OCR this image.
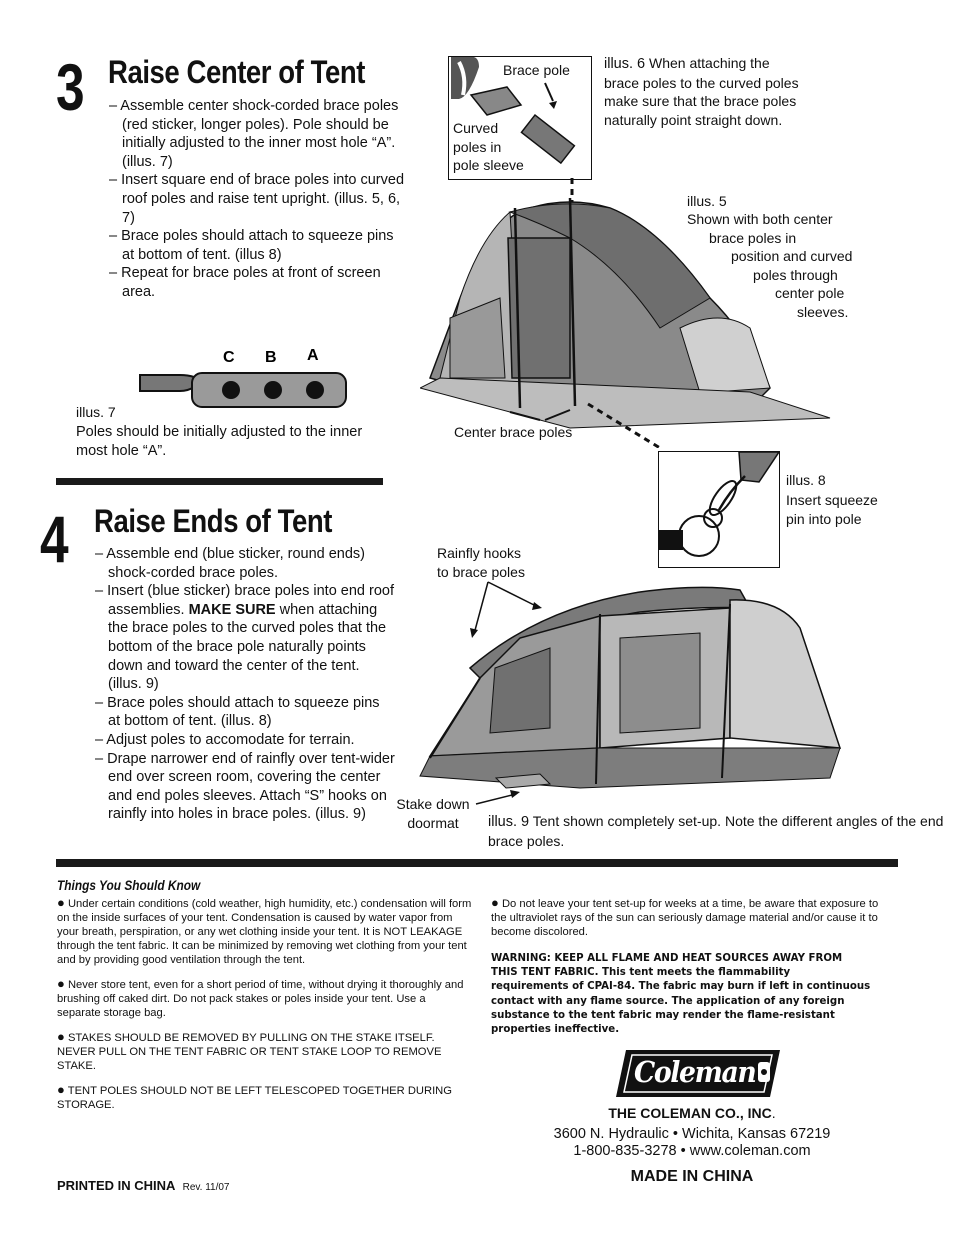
3 Raise Center of Tent
– Assemble center shock-corded brace poles (red sticker, longer poles). Pole should be initially adjusted to the inner most hole “A”. (illus. 7)
– Insert square end of brace poles into curved roof poles and raise tent upright. (illus. 5, 6, 7)
– Brace poles should attach to squeeze pins at bottom of tent. (illus 8)
– Repeat for brace poles at front of screen area.
C B A
illus. 7
Poles should be initially adjusted to the inner most hole “A”.
Brace pole
Curved
poles in
pole sleeve
illus. 6 When attaching the brace poles to the curved poles make sure that the brace poles naturally point straight down.
illus. 5
Shown with both center
brace poles in
position and curved
poles through
center pole
sleeves.
Center brace poles
illus. 8
Insert squeeze
pin into pole
4 Raise Ends of Tent
– Assemble end (blue sticker, round ends) shock-corded brace poles.
– Insert (blue sticker) brace poles into end roof assemblies. MAKE SURE when attaching the brace poles to the curved poles that the bottom of the brace pole naturally points down and toward the center of the tent. (illus. 9)
– Brace poles should attach to squeeze pins at bottom of tent. (illus. 8)
– Adjust poles to accomodate for terrain.
– Drape narrower end of rainfly over tent-wider end over screen room, covering the center and end poles sleeves. Attach “S” hooks on rainfly into holes in brace poles. (illus. 9)
Rainfly hooks
to brace poles
Stake down
doormat	illus. 9 Tent shown completely set-up. Note the different angles of the end brace poles.
Things You Should Know

● Under certain conditions (cold weather, high humidity, etc.) condensation will form on the inside surfaces of your tent. Condensation is caused by water vapor from your breath, perspiration, or any wet clothing inside your tent. It is NOT LEAKAGE through the tent fabric. It can be minimized by removing wet clothing from your tent and by providing good ventilation through the tent.

● Never store tent, even for a short period of time, without drying it thoroughly and brushing off caked dirt. Do not pack stakes or poles inside your tent. Use a separate storage bag.

● STAKES SHOULD BE REMOVED BY PULLING ON THE STAKE ITSELF. NEVER PULL ON THE TENT FABRIC OR TENT STAKE LOOP TO REMOVE STAKE.

● TENT POLES SHOULD NOT BE LEFT TELESCOPED TOGETHER DURING STORAGE.

● Do not leave your tent set-up for weeks at a time, be aware that exposure to the ultraviolet rays of the sun can seriously damage material and/or cause it to become discolored.

WARNING: KEEP ALL FLAME AND HEAT SOURCES AWAY FROM THIS TENT FABRIC. This tent meets the flammability requirements of CPAI-84. The fabric may burn if left in continuous contact with any flame source. The application of any foreign substance to the tent fabric may render the flame-resistant properties ineffective.
Coleman
THE COLEMAN CO., INC.
3600 N. Hydraulic • Wichita, Kansas 67219
1-800-835-3278 • www.coleman.com
MADE IN CHINA
PRINTED IN CHINA Rev. 11/07
